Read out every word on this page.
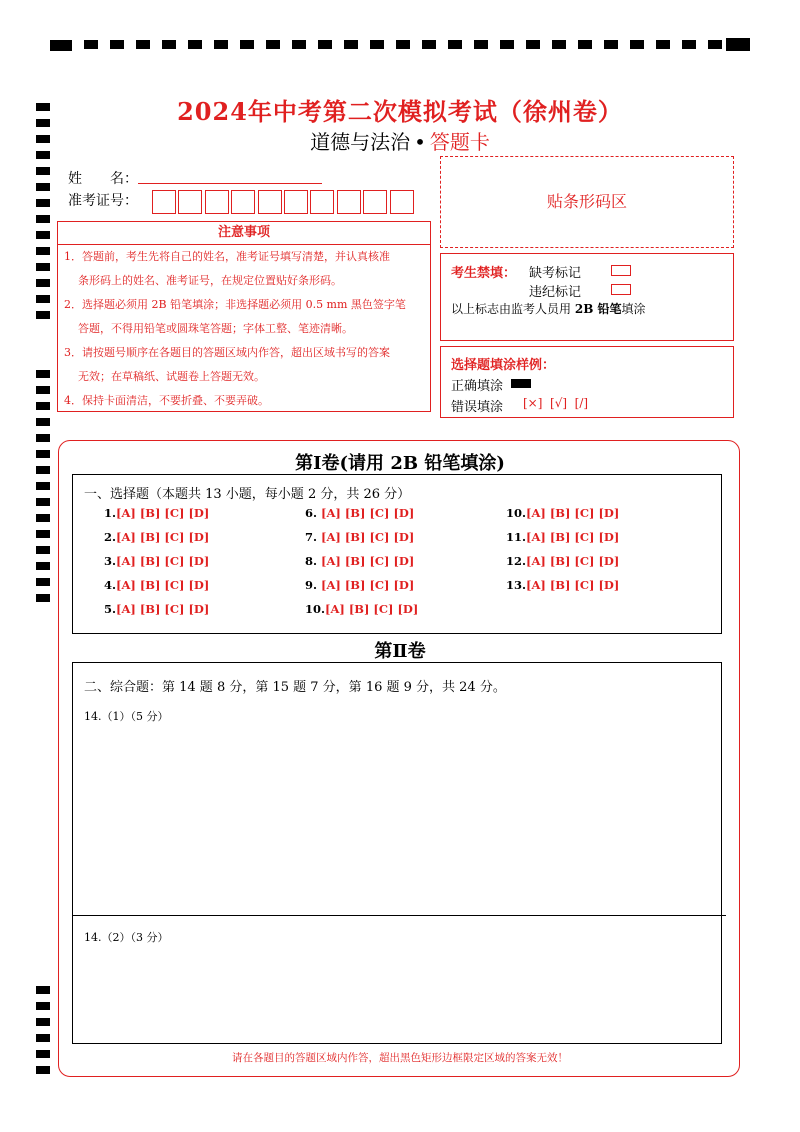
2024年中考第二次模拟考试（徐州卷）
道德与法治 • 答题卡
姓　　名：
准考证号：	贴条形码区
注意事项
1．答题前，考生先将自己的姓名，准考证号填写清楚，并认真核准
条形码上的姓名、准考证号，在规定位置贴好条形码。
2．选择题必须用 2B 铅笔填涂；非选择题必须用 0.5 mm 黑色签字笔
答题，不得用铅笔或圆珠笔答题；字体工整、笔迹清晰。
3．请按题号顺序在各题目的答题区域内作答，超出区域书写的答案
无效；在草稿纸、试题卷上答题无效。
4．保持卡面清洁，不要折叠、不要弄破。
考生禁填： 缺考标记
违纪标记
以上标志由监考人员用 2B 铅笔填涂
选择题填涂样例：
正确填涂
错误填涂 [×]  [√]  [/]
第Ⅰ卷(请用 2B 铅笔填涂)
一、选择题（本题共 13 小题，每小题 2 分，共 26 分）
1.[A] [B] [C] [D]
2.[A] [B] [C] [D]
3.[A] [B] [C] [D]
4.[A] [B] [C] [D]
5.[A] [B] [C] [D]
6. [A] [B] [C] [D]
7. [A] [B] [C] [D]
8. [A] [B] [C] [D]
9. [A] [B] [C] [D]
10.[A] [B] [C] [D]
10.[A] [B] [C] [D]
11.[A] [B] [C] [D]
12.[A] [B] [C] [D]
13.[A] [B] [C] [D]
第Ⅱ卷
二、综合题：第 14 题 8 分，第 15 题 7 分，第 16 题 9 分，共 24 分。
14.（1）（5 分）
14.（2）（3 分）
请在各题目的答题区域内作答，超出黑色矩形边框限定区域的答案无效！
